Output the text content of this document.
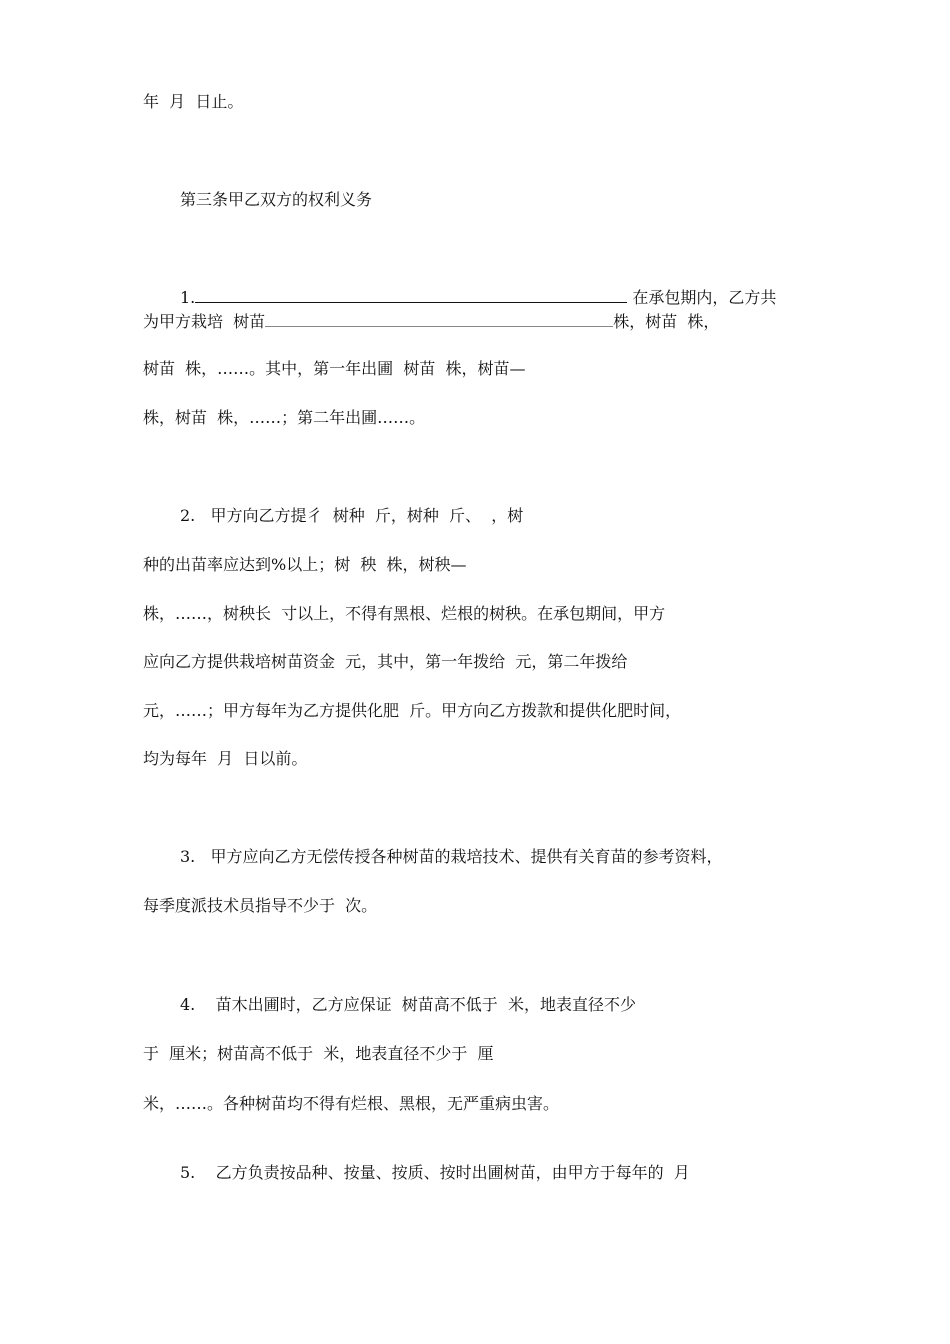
年  月  日止。
第三条甲乙双方的权利义务
1.	在承包期内，乙方共
为甲方栽培  树苗	株，树苗  株，
树苗  株，……。其中，第一年出圃  树苗  株，树苗—
株，树苗  株，……；第二年出圃……。
2.   甲方向乙方提彳  树种  斤，树种  斤、  ，树
种的出苗率应达到%以上；树  秧  株，树秧—
株，……，树秧长  寸以上，不得有黑根、烂根的树秧。在承包期间，甲方
应向乙方提供栽培树苗资金  元，其中，第一年拨给  元，第二年拨给
元，……；甲方每年为乙方提供化肥  斤。甲方向乙方拨款和提供化肥时间，
均为每年  月  日以前。
3.   甲方应向乙方无偿传授各种树苗的栽培技术、提供有关育苗的参考资料，
每季度派技术员指导不少于  次。
4.    苗木出圃时，乙方应保证  树苗高不低于  米，地表直径不少
于  厘米；树苗高不低于  米，地表直径不少于  厘
米，……。各种树苗均不得有烂根、黑根，无严重病虫害。
5.    乙方负责按品种、按量、按质、按时出圃树苗，由甲方于每年的  月
